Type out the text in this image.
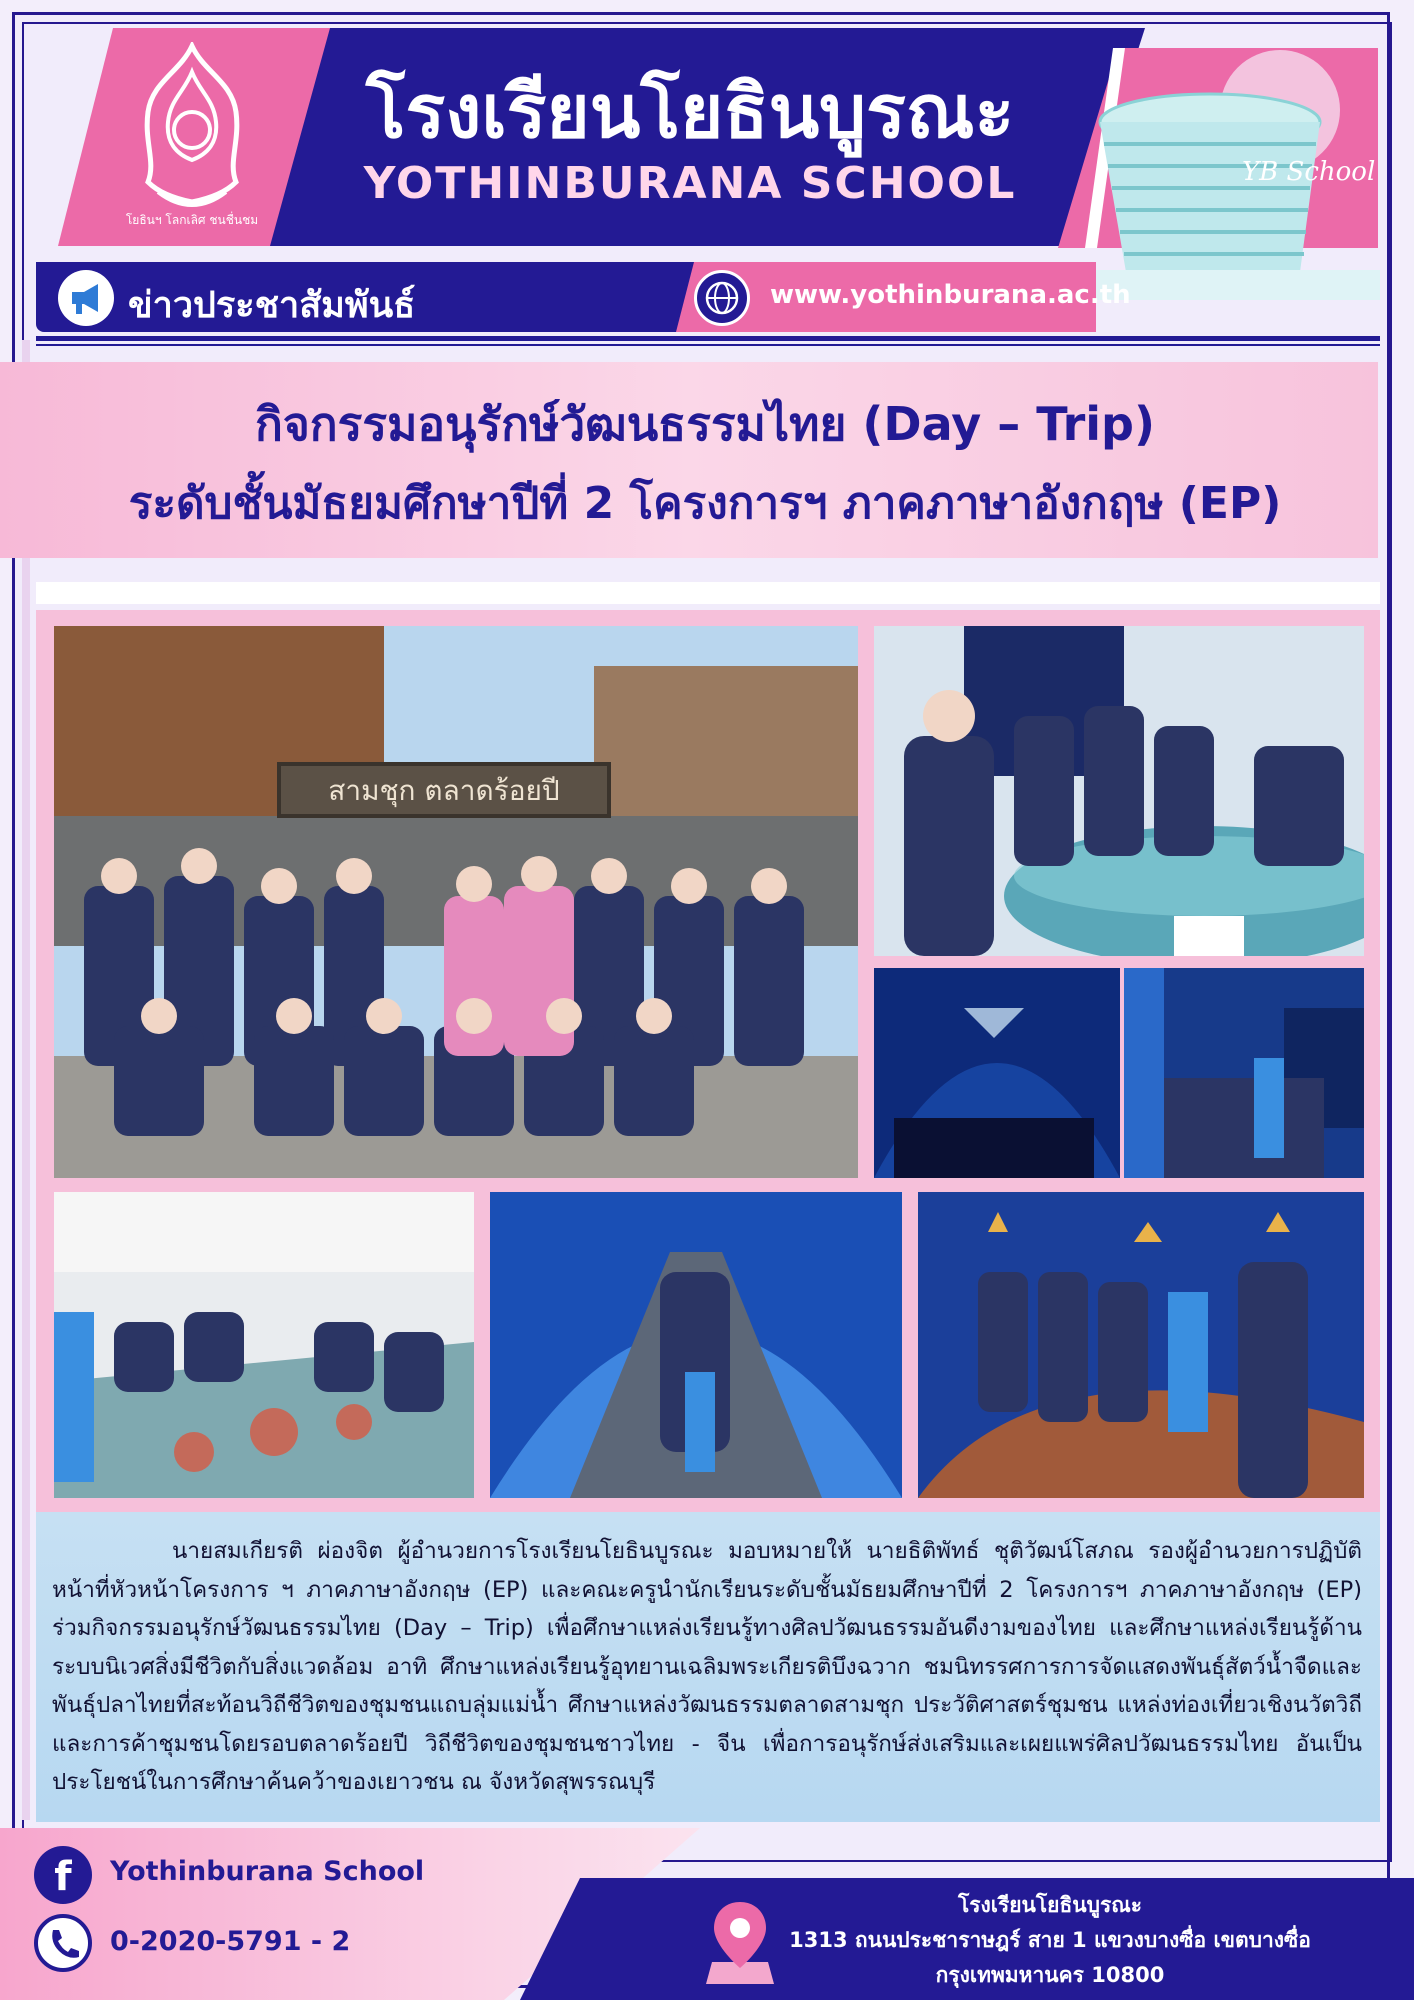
โยธินฯ โลกเลิศ ชนชื่นชม
โรงเรียนโยธินบูรณะ
YOTHINBURANA SCHOOL	YB School
ข่าวประชาสัมพันธ์	www.yothinburana.ac.th
กิจกรรมอนุรักษ์วัฒนธรรมไทย (Day – Trip)
ระดับชั้นมัธยมศึกษาปีที่ 2 โครงการฯ ภาคภาษาอังกฤษ (EP)
สามชุก ตลาดร้อยปี

นายสมเกียรติ ผ่องจิต ผู้อำนวยการโรงเรียนโยธินบูรณะ มอบหมายให้ นายธิติพัทธ์ ชุติวัฒน์โสภณ รองผู้อำนวยการปฏิบัติหน้าที่หัวหน้าโครงการ ฯ ภาคภาษาอังกฤษ (EP) และคณะครูนำนักเรียนระดับชั้นมัธยมศึกษาปีที่ 2 โครงการฯ ภาคภาษาอังกฤษ (EP) ร่วมกิจกรรมอนุรักษ์วัฒนธรรมไทย (Day – Trip) เพื่อศึกษาแหล่งเรียนรู้ทางศิลปวัฒนธรรมอันดีงามของไทย และศึกษาแหล่งเรียนรู้ด้านระบบนิเวศสิ่งมีชีวิตกับสิ่งแวดล้อม อาทิ ศึกษาแหล่งเรียนรู้อุทยานเฉลิมพระเกียรติบึงฉวาก ชมนิทรรศการการจัดแสดงพันธุ์สัตว์น้ำจืดและพันธุ์ปลาไทยที่สะท้อนวิถีชีวิตของชุมชนแถบลุ่มแม่น้ำ ศึกษาแหล่งวัฒนธรรมตลาดสามชุก ประวัติศาสตร์ชุมชน แหล่งท่องเที่ยวเชิงนวัตวิถีและการค้าชุมชนโดยรอบตลาดร้อยปี วิถีชีวิตของชุมชนชาวไทย - จีน เพื่อการอนุรักษ์ส่งเสริมและเผยแพร่ศิลปวัฒนธรรมไทย อันเป็นประโยชน์ในการศึกษาค้นคว้าของเยาวชน ณ จังหวัดสุพรรณบุรี

f Yothinburana School
0-2020-5791 - 2
โรงเรียนโยธินบูรณะ
1313 ถนนประชาราษฎร์ สาย 1 แขวงบางซื่อ เขตบางซื่อ
กรุงเทพมหานคร 10800
